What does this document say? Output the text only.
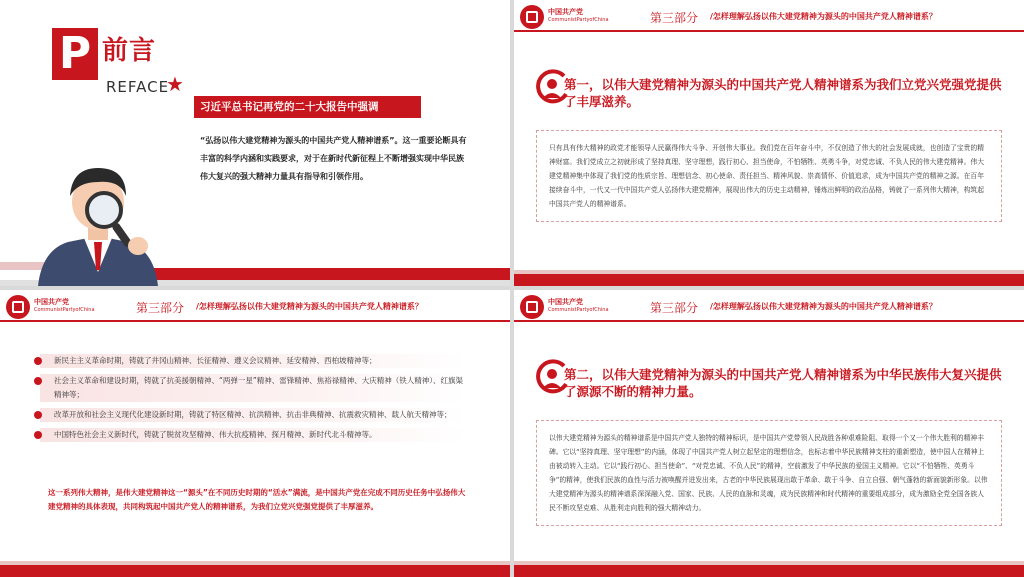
P 前言
REFACE
★
习近平总书记再党的二十大报告中强调
“弘扬以伟大建党精神为源头的中国共产党人精神谱系”。这一重要论断具有丰富的科学内涵和实践要求，对于在新时代新征程上不断增强实现中华民族伟大复兴的强大精神力量具有指导和引领作用。
中国共产党
CommunistPartyofChina	第三部分 /怎样理解弘扬以伟大建党精神为源头的中国共产党人精神谱系？
第一，以伟大建党精神为源头的中国共产党人精神谱系为我们立党兴党强党提供了丰厚滋养。
只有具有伟大精神的政党才能领导人民赢得伟大斗争、开创伟大事业。我们党在百年奋斗中，不仅创造了伟大的社会发展成就，也创造了宝贵的精神财富。我们党成立之初就形成了坚持真理、坚守理想，践行初心、担当使命，不怕牺牲、英勇斗争，对党忠诚、不负人民的伟大建党精神。伟大建党精神集中体现了我们党的性质宗旨、理想信念、初心使命、责任担当、精神风貌、崇高情怀、价值追求，成为中国共产党的精神之源。在百年接续奋斗中，一代又一代中国共产党人弘扬伟大建党精神，展现出伟大的历史主动精神，锤炼出鲜明的政治品格，铸就了一系列伟大精神，构筑起中国共产党人的精神谱系。
中国共产党
CommunistPartyofChina	第三部分 /怎样理解弘扬以伟大建党精神为源头的中国共产党人精神谱系？
新民主主义革命时期，铸就了井冈山精神、长征精神、遵义会议精神、延安精神、西柏坡精神等；
社会主义革命和建设时期，铸就了抗美援朝精神、“两弹一星”精神、雷锋精神、焦裕禄精神、大庆精神（铁人精神）、红旗渠精神等；
改革开放和社会主义现代化建设新时期，铸就了特区精神、抗洪精神、抗击非典精神、抗震救灾精神、载人航天精神等；
中国特色社会主义新时代，铸就了脱贫攻坚精神、伟大抗疫精神、探月精神、新时代北斗精神等。
这一系列伟大精神，是伟大建党精神这一“源头”在不同历史时期的“活水”满流，是中国共产党在完成不同历史任务中弘扬伟大建党精神的具体表现，共同构筑起中国共产党人的精神谱系，为我们立党兴党强党提供了丰厚滋养。
中国共产党
CommunistPartyofChina	第三部分 /怎样理解弘扬以伟大建党精神为源头的中国共产党人精神谱系？
第二，以伟大建党精神为源头的中国共产党人精神谱系为中华民族伟大复兴提供了源源不断的精神力量。
以伟大建党精神为源头的精神谱系是中国共产党人独特的精神标识，是中国共产党带领人民战胜各种艰难险阻、取得一个又一个伟大胜利的精神丰碑。它以“坚持真理、坚守理想”的内涵，体现了中国共产党人树立起坚定的理想信念，也标志着中华民族精神支柱的重新塑造，使中国人在精神上由被动转入主动。它以“践行初心、担当使命”、“对党忠诚、不负人民”的精神，空前激发了中华民族的爱国主义精神。它以“不怕牺牲、英勇斗争”的精神，使我们民族的血性与活力被唤醒并迸发出来，古老的中华民族展现出敢于革命、敢于斗争、自立自强、朝气蓬勃的新面貌新形象。以伟大建党精神为源头的精神谱系深深融入党、国家、民族、人民的血脉和灵魂，成为民族精神和时代精神的重要组成部分，成为激励全党全国各族人民不断攻坚克难、从胜利走向胜利的强大精神动力。
